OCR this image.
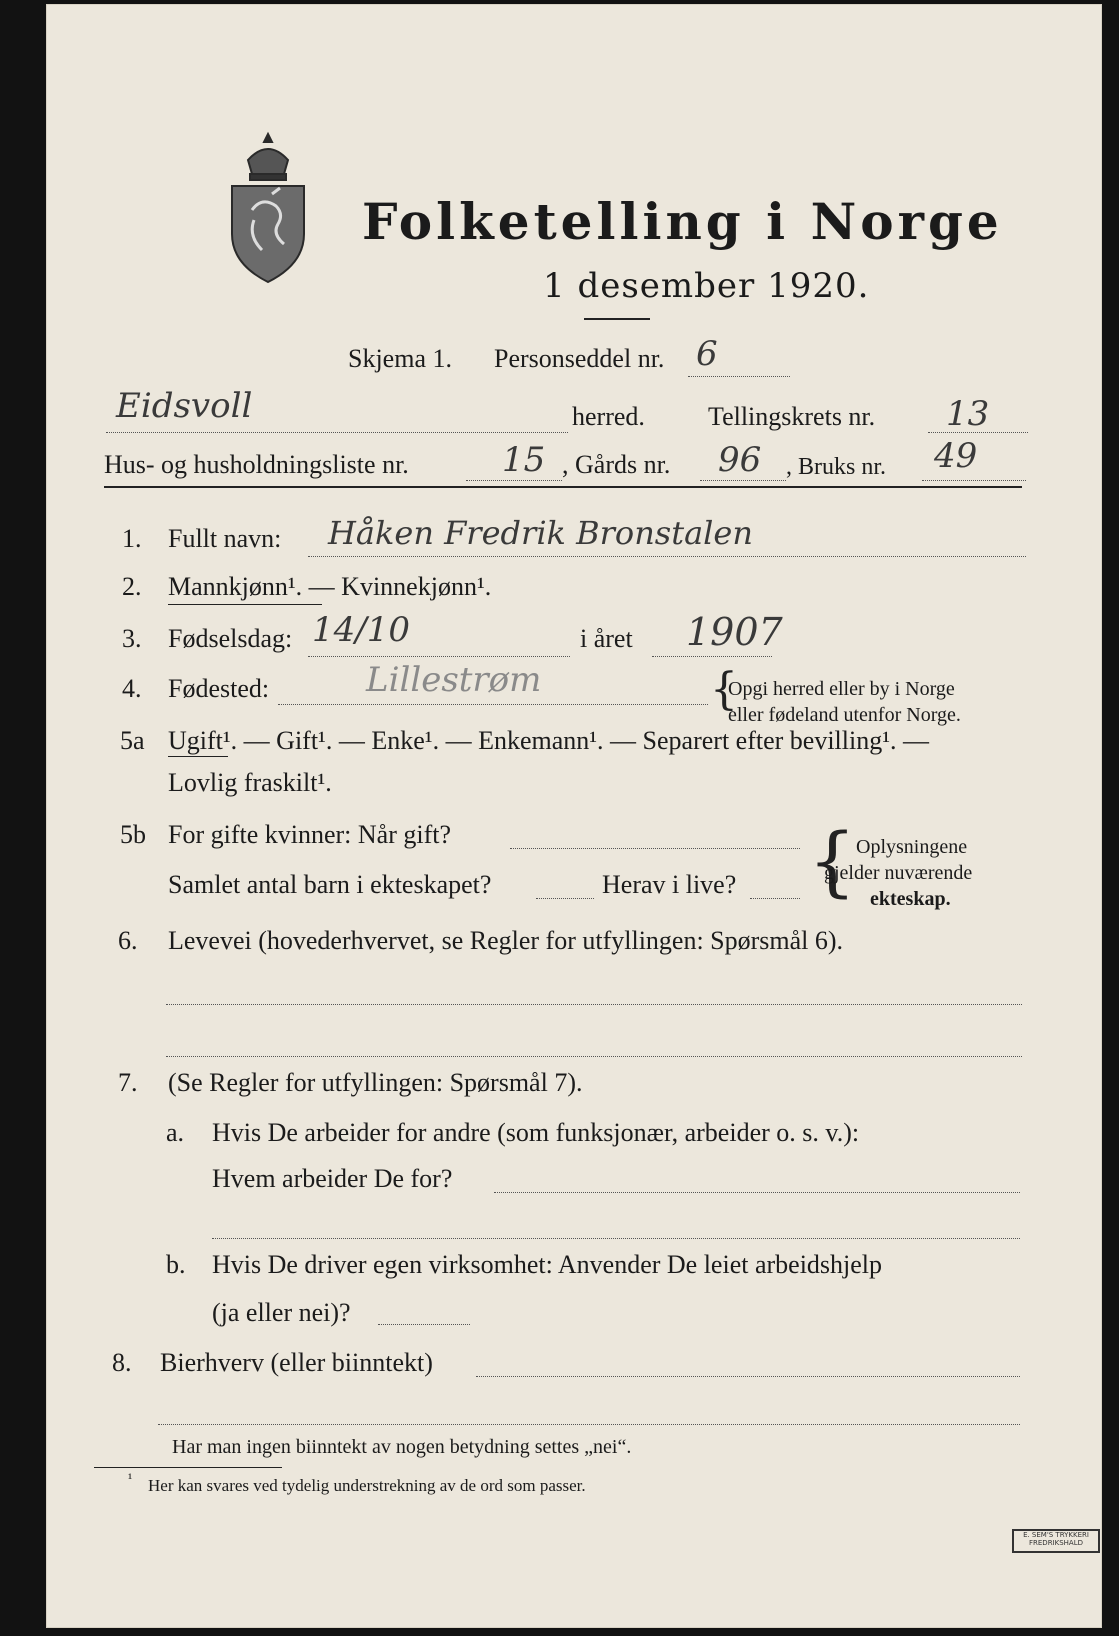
Folketelling i Norge
1 desember 1920.
Skjema 1. Personseddel nr. 6
Eidsvoll	herred. Tellingskrets nr. 13
Hus- og husholdningsliste nr.	15 , Gårds nr. 96 , Bruks nr. 49
1. Fullt navn: Håken Fredrik Bronstalen
2. Mannkjønn¹. — Kvinnekjønn¹.
3. Fødselsdag: 14/10	i året 1907
4. Fødested:	Lillestrøm	{
Opgi herred eller by i Norge
eller fødeland utenfor Norge.
5a Ugift¹. — Gift¹. — Enke¹. — Enkemann¹. — Separert efter bevilling¹. —
Lovlig fraskilt¹.
5b For gifte kvinner: Når gift?
Samlet antal barn i ekteskapet?	Herav i live? { Oplysningene
gjelder nuværende
ekteskap.
6. Levevei (hovederhvervet, se Regler for utfyllingen: Spørsmål 6).
7. (Se Regler for utfyllingen: Spørsmål 7).
a. Hvis De arbeider for andre (som funksjonær, arbeider o. s. v.):
Hvem arbeider De for?
b. Hvis De driver egen virksomhet: Anvender De leiet arbeidshjelp
(ja eller nei)?
8. Bierhverv (eller biinntekt)
Har man ingen biinntekt av nogen betydning settes „nei“.
¹ Her kan svares ved tydelig understrekning av de ord som passer.
E. SEM'S TRYKKERI FREDRIKSHALD
